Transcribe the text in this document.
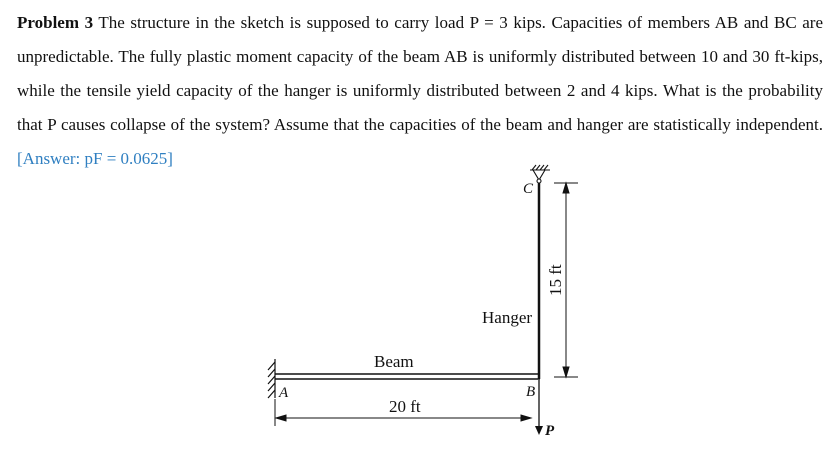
Problem 3 The structure in the sketch is supposed to carry load P = 3 kips. Capacities of members AB and BC are unpredictable. The fully plastic moment capacity of the beam AB is uniformly distributed between 10 and 30 ft-kips, while the tensile yield capacity of the hanger is uniformly distributed between 2 and 4 kips. What is the probability that P causes collapse of the system? Assume that the capacities of the beam and hanger are statistically independent. [Answer: pF = 0.0625]

A	B
C
P
Beam
Hanger
20 ft
15 ft
